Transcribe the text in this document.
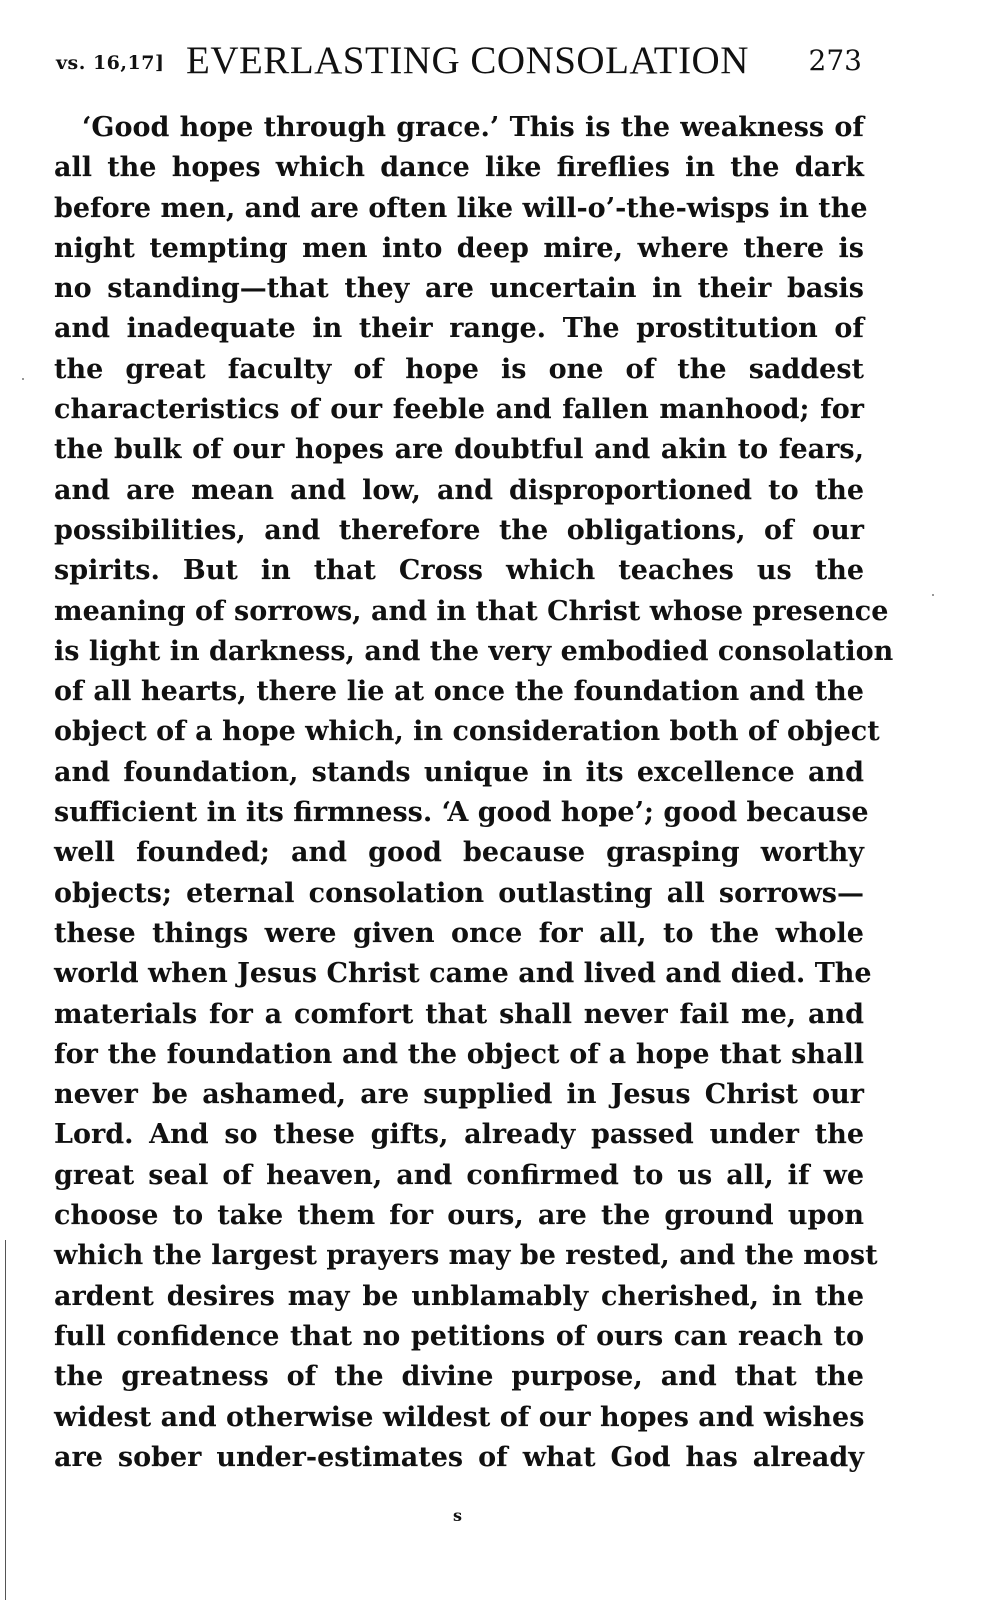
vs. 16,17] EVERLASTING CONSOLATION 273
‘Good hope through grace.’ This is the weakness of
all the hopes which dance like fireflies in the dark
before men, and are often like will-o’-the-wisps in the
night tempting men into deep mire, where there is
no standing—that they are uncertain in their basis
and inadequate in their range. The prostitution of
the great faculty of hope is one of the saddest
characteristics of our feeble and fallen manhood; for
the bulk of our hopes are doubtful and akin to fears,
and are mean and low, and disproportioned to the
possibilities, and therefore the obligations, of our
spirits. But in that Cross which teaches us the
meaning of sorrows, and in that Christ whose presence
is light in darkness, and the very embodied consolation
of all hearts, there lie at once the foundation and the
object of a hope which, in consideration both of object
and foundation, stands unique in its excellence and
sufficient in its firmness. ‘A good hope’; good because
well founded; and good because grasping worthy
objects; eternal consolation outlasting all sorrows—
these things were given once for all, to the whole
world when Jesus Christ came and lived and died. The
materials for a comfort that shall never fail me, and
for the foundation and the object of a hope that shall
never be ashamed, are supplied in Jesus Christ our
Lord. And so these gifts, already passed under the
great seal of heaven, and confirmed to us all, if we
choose to take them for ours, are the ground upon
which the largest prayers may be rested, and the most
ardent desires may be unblamably cherished, in the
full confidence that no petitions of ours can reach to
the greatness of the divine purpose, and that the
widest and otherwise wildest of our hopes and wishes
are sober under-estimates of what God has already
s
